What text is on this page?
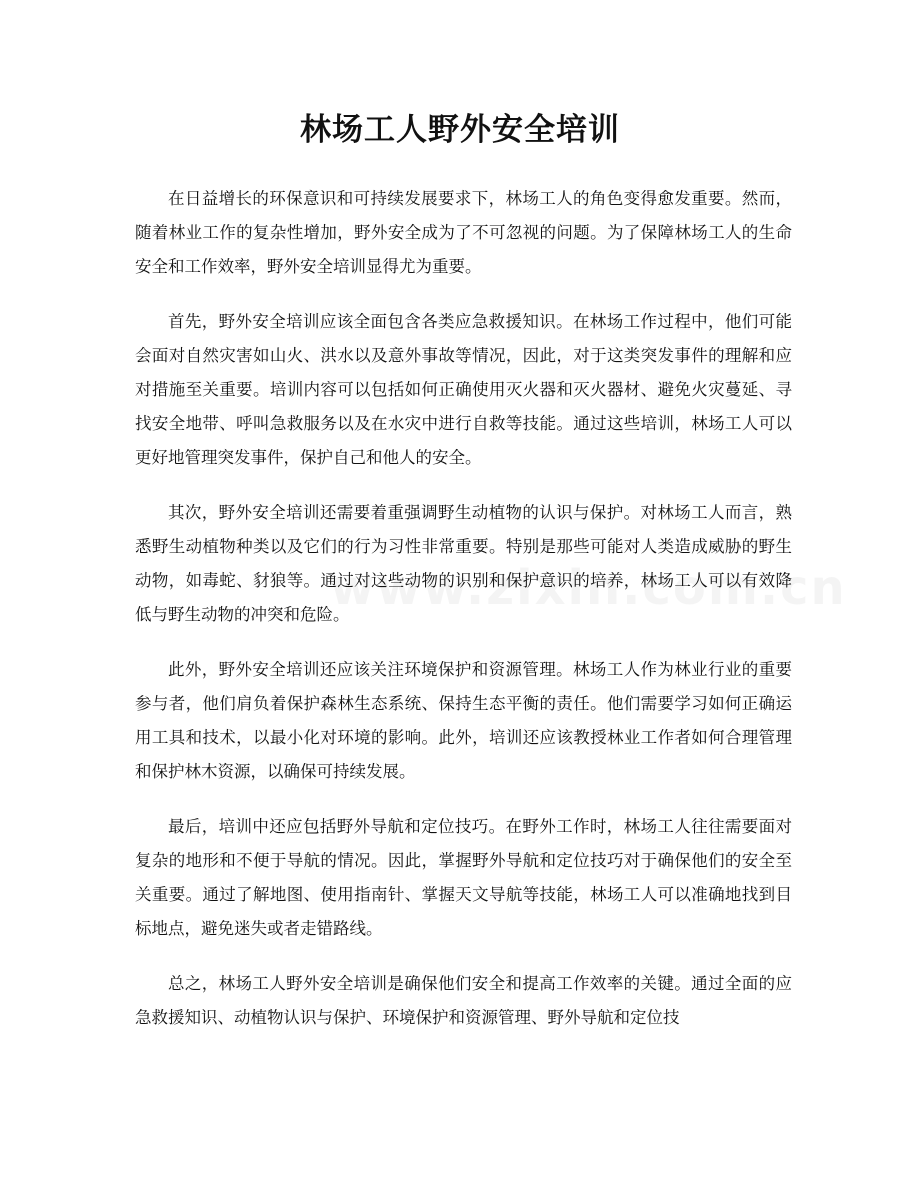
林场工人野外安全培训

在日益增长的环保意识和可持续发展要求下，林场工人的角色变得愈发重要。然而，随着林业工作的复杂性增加，野外安全成为了不可忽视的问题。为了保障林场工人的生命安全和工作效率，野外安全培训显得尤为重要。

首先，野外安全培训应该全面包含各类应急救援知识。在林场工作过程中，他们可能会面对自然灾害如山火、洪水以及意外事故等情况，因此，对于这类突发事件的理解和应对措施至关重要。培训内容可以包括如何正确使用灭火器和灭火器材、避免火灾蔓延、寻找安全地带、呼叫急救服务以及在水灾中进行自救等技能。通过这些培训，林场工人可以更好地管理突发事件，保护自己和他人的安全。

其次，野外安全培训还需要着重强调野生动植物的认识与保护。对林场工人而言，熟悉野生动植物种类以及它们的行为习性非常重要。特别是那些可能对人类造成威胁的野生动物，如毒蛇、豺狼等。通过对这些动物的识别和保护意识的培养，林场工人可以有效降低与野生动物的冲突和危险。

此外，野外安全培训还应该关注环境保护和资源管理。林场工人作为林业行业的重要参与者，他们肩负着保护森林生态系统、保持生态平衡的责任。他们需要学习如何正确运用工具和技术，以最小化对环境的影响。此外，培训还应该教授林业工作者如何合理管理和保护林木资源，以确保可持续发展。

最后，培训中还应包括野外导航和定位技巧。在野外工作时，林场工人往往需要面对复杂的地形和不便于导航的情况。因此，掌握野外导航和定位技巧对于确保他们的安全至关重要。通过了解地图、使用指南针、掌握天文导航等技能，林场工人可以准确地找到目标地点，避免迷失或者走错路线。

总之，林场工人野外安全培训是确保他们安全和提高工作效率的关键。通过全面的应急救援知识、动植物认识与保护、环境保护和资源管理、野外导航和定位技
